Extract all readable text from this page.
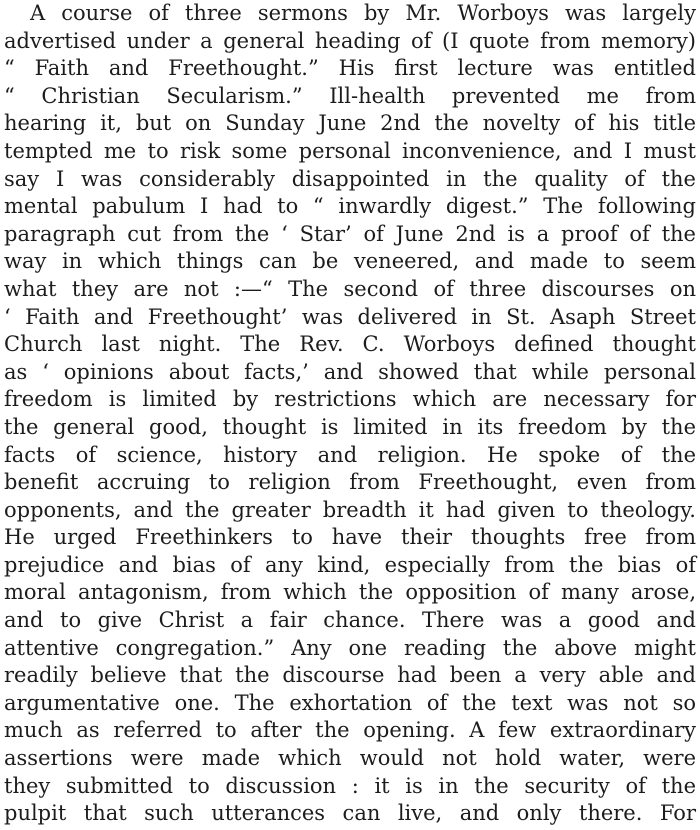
A course of three sermons by Mr. Worboys was largely
advertised under a general heading of (I quote from memory)
“ Faith and Freethought.” His first lecture was entitled
“ Christian Secularism.” Ill-health prevented me from
hearing it, but on Sunday June 2nd the novelty of his title
tempted me to risk some personal inconvenience, and I must
say I was considerably disappointed in the quality of the
mental pabulum I had to “ inwardly digest.” The following
paragraph cut from the ‘ Star’ of June 2nd is a proof of the
way in which things can be veneered, and made to seem
what they are not :—“ The second of three discourses on
‘ Faith and Freethought’ was delivered in St. Asaph Street
Church last night. The Rev. C. Worboys defined thought
as ‘ opinions about facts,’ and showed that while personal
freedom is limited by restrictions which are necessary for
the general good, thought is limited in its freedom by the
facts of science, history and religion. He spoke of the
benefit accruing to religion from Freethought, even from
opponents, and the greater breadth it had given to theology.
He urged Freethinkers to have their thoughts free from
prejudice and bias of any kind, especially from the bias of
moral antagonism, from which the opposition of many arose,
and to give Christ a fair chance. There was a good and
attentive congregation.” Any one reading the above might
readily believe that the discourse had been a very able and
argumentative one. The exhortation of the text was not so
much as referred to after the opening. A few extraordinary
assertions were made which would not hold water, were
they submitted to discussion : it is in the security of the
pulpit that such utterances can live, and only there. For
